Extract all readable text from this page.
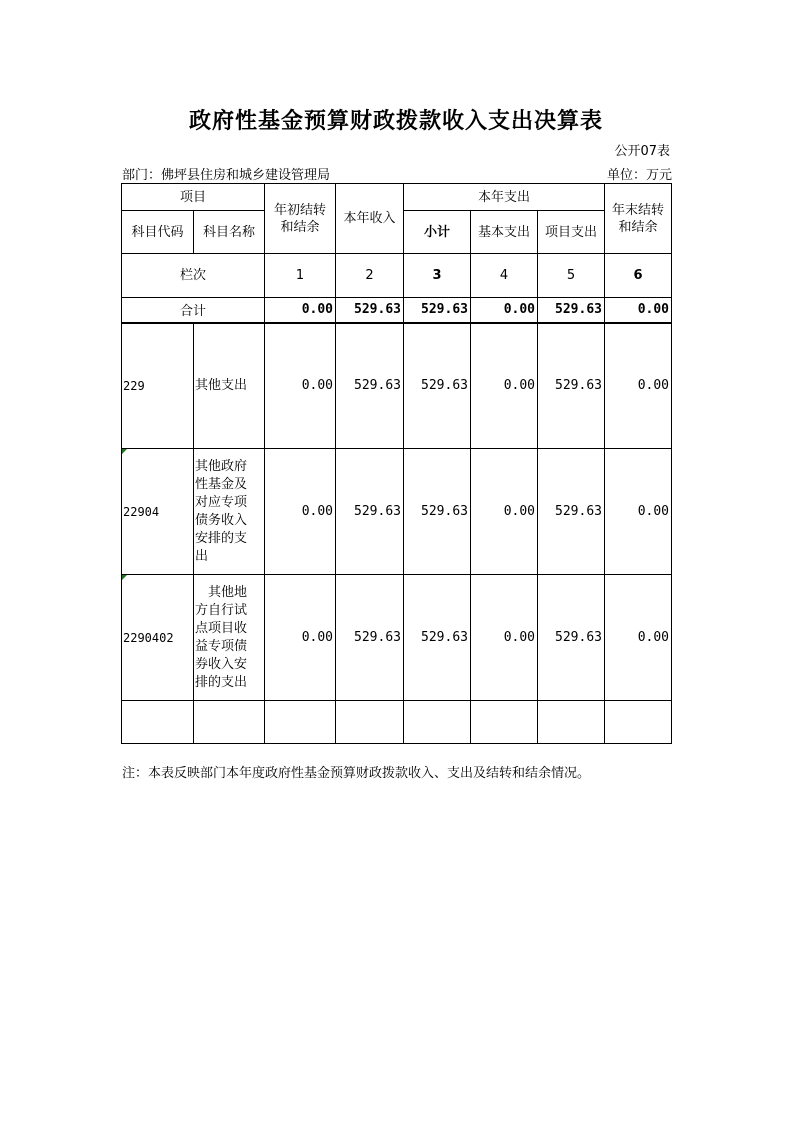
政府性基金预算财政拨款收入支出决算表
公开07表
部门：佛坪县住房和城乡建设管理局	单位：万元
项目		年初结转和结余	本年收入	本年支出			年末结转和结余

科目代码	科目名称			小计	基本支出	项目支出	
栏次		1	2	3	4	5	6
合计		0.00	529.63	529.63	0.00	529.63	0.00
229	其他支出	0.00	529.63	529.63	0.00	529.63	0.00

22904	其他政府性基金及对应专项债务收入安排的支出	0.00	529.63	529.63	0.00	529.63	0.00

2290402	其他地方自行试点项目收益专项债券收入安排的支出	0.00	529.63	529.63	0.00	529.63	0.00

注：本表反映部门本年度政府性基金预算财政拨款收入、支出及结转和结余情况。
